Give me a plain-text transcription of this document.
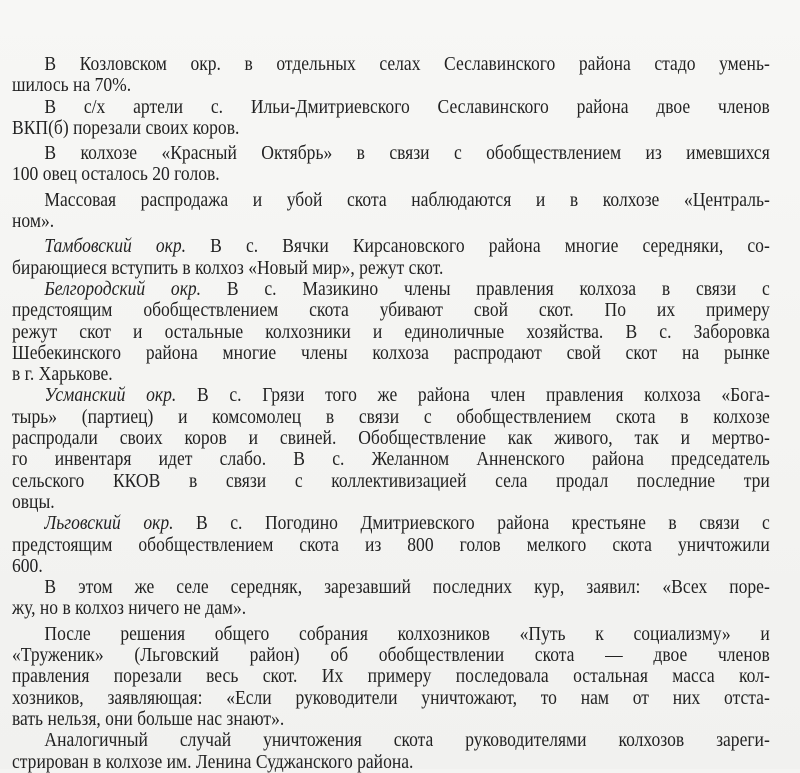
В Козловском окр. в отдельных селах Сеславинского района стадо умень-
шилось на 70%.
В с/х артели с. Ильи-Дмитриевского Сеславинского района двое членов
ВКП(б) порезали своих коров.
В колхозе «Красный Октябрь» в связи с обобществлением из имевшихся
100 овец осталось 20 голов.
Массовая распродажа и убой скота наблюдаются и в колхозе «Централь-
ном».
Тамбовский окр. В с. Вячки Кирсановского района многие середняки, со-
бирающиеся вступить в колхоз «Новый мир», режут скот.
Белгородский окр. В с. Мазикино члены правления колхоза в связи с
предстоящим обобществлением скота убивают свой скот. По их примеру
режут скот и остальные колхозники и единоличные хозяйства. В с. Заборовка
Шебекинского района многие члены колхоза распродают свой скот на рынке
в г. Харькове.
Усманский окр. В с. Грязи того же района член правления колхоза «Бога-
тырь» (партиец) и комсомолец в связи с обобществлением скота в колхозе
распродали своих коров и свиней. Обобществление как живого, так и мертво-
го инвентаря идет слабо. В с. Желанном Анненского района председатель
сельского ККОВ в связи с коллективизацией села продал последние три
овцы.
Льговский окр. В с. Погодино Дмитриевского района крестьяне в связи с
предстоящим обобществлением скота из 800 голов мелкого скота уничтожили
600.
В этом же селе середняк, зарезавший последних кур, заявил: «Всех поре-
жу, но в колхоз ничего не дам».
После решения общего собрания колхозников «Путь к социализму» и
«Труженик» (Льговский район) об обобществлении скота — двое членов
правления порезали весь скот. Их примеру последовала остальная масса кол-
хозников, заявляющая: «Если руководители уничтожают, то нам от них отста-
вать нельзя, они больше нас знают».
Аналогичный случай уничтожения скота руководителями колхозов зареги-
стрирован в колхозе им. Ленина Суджанского района.
